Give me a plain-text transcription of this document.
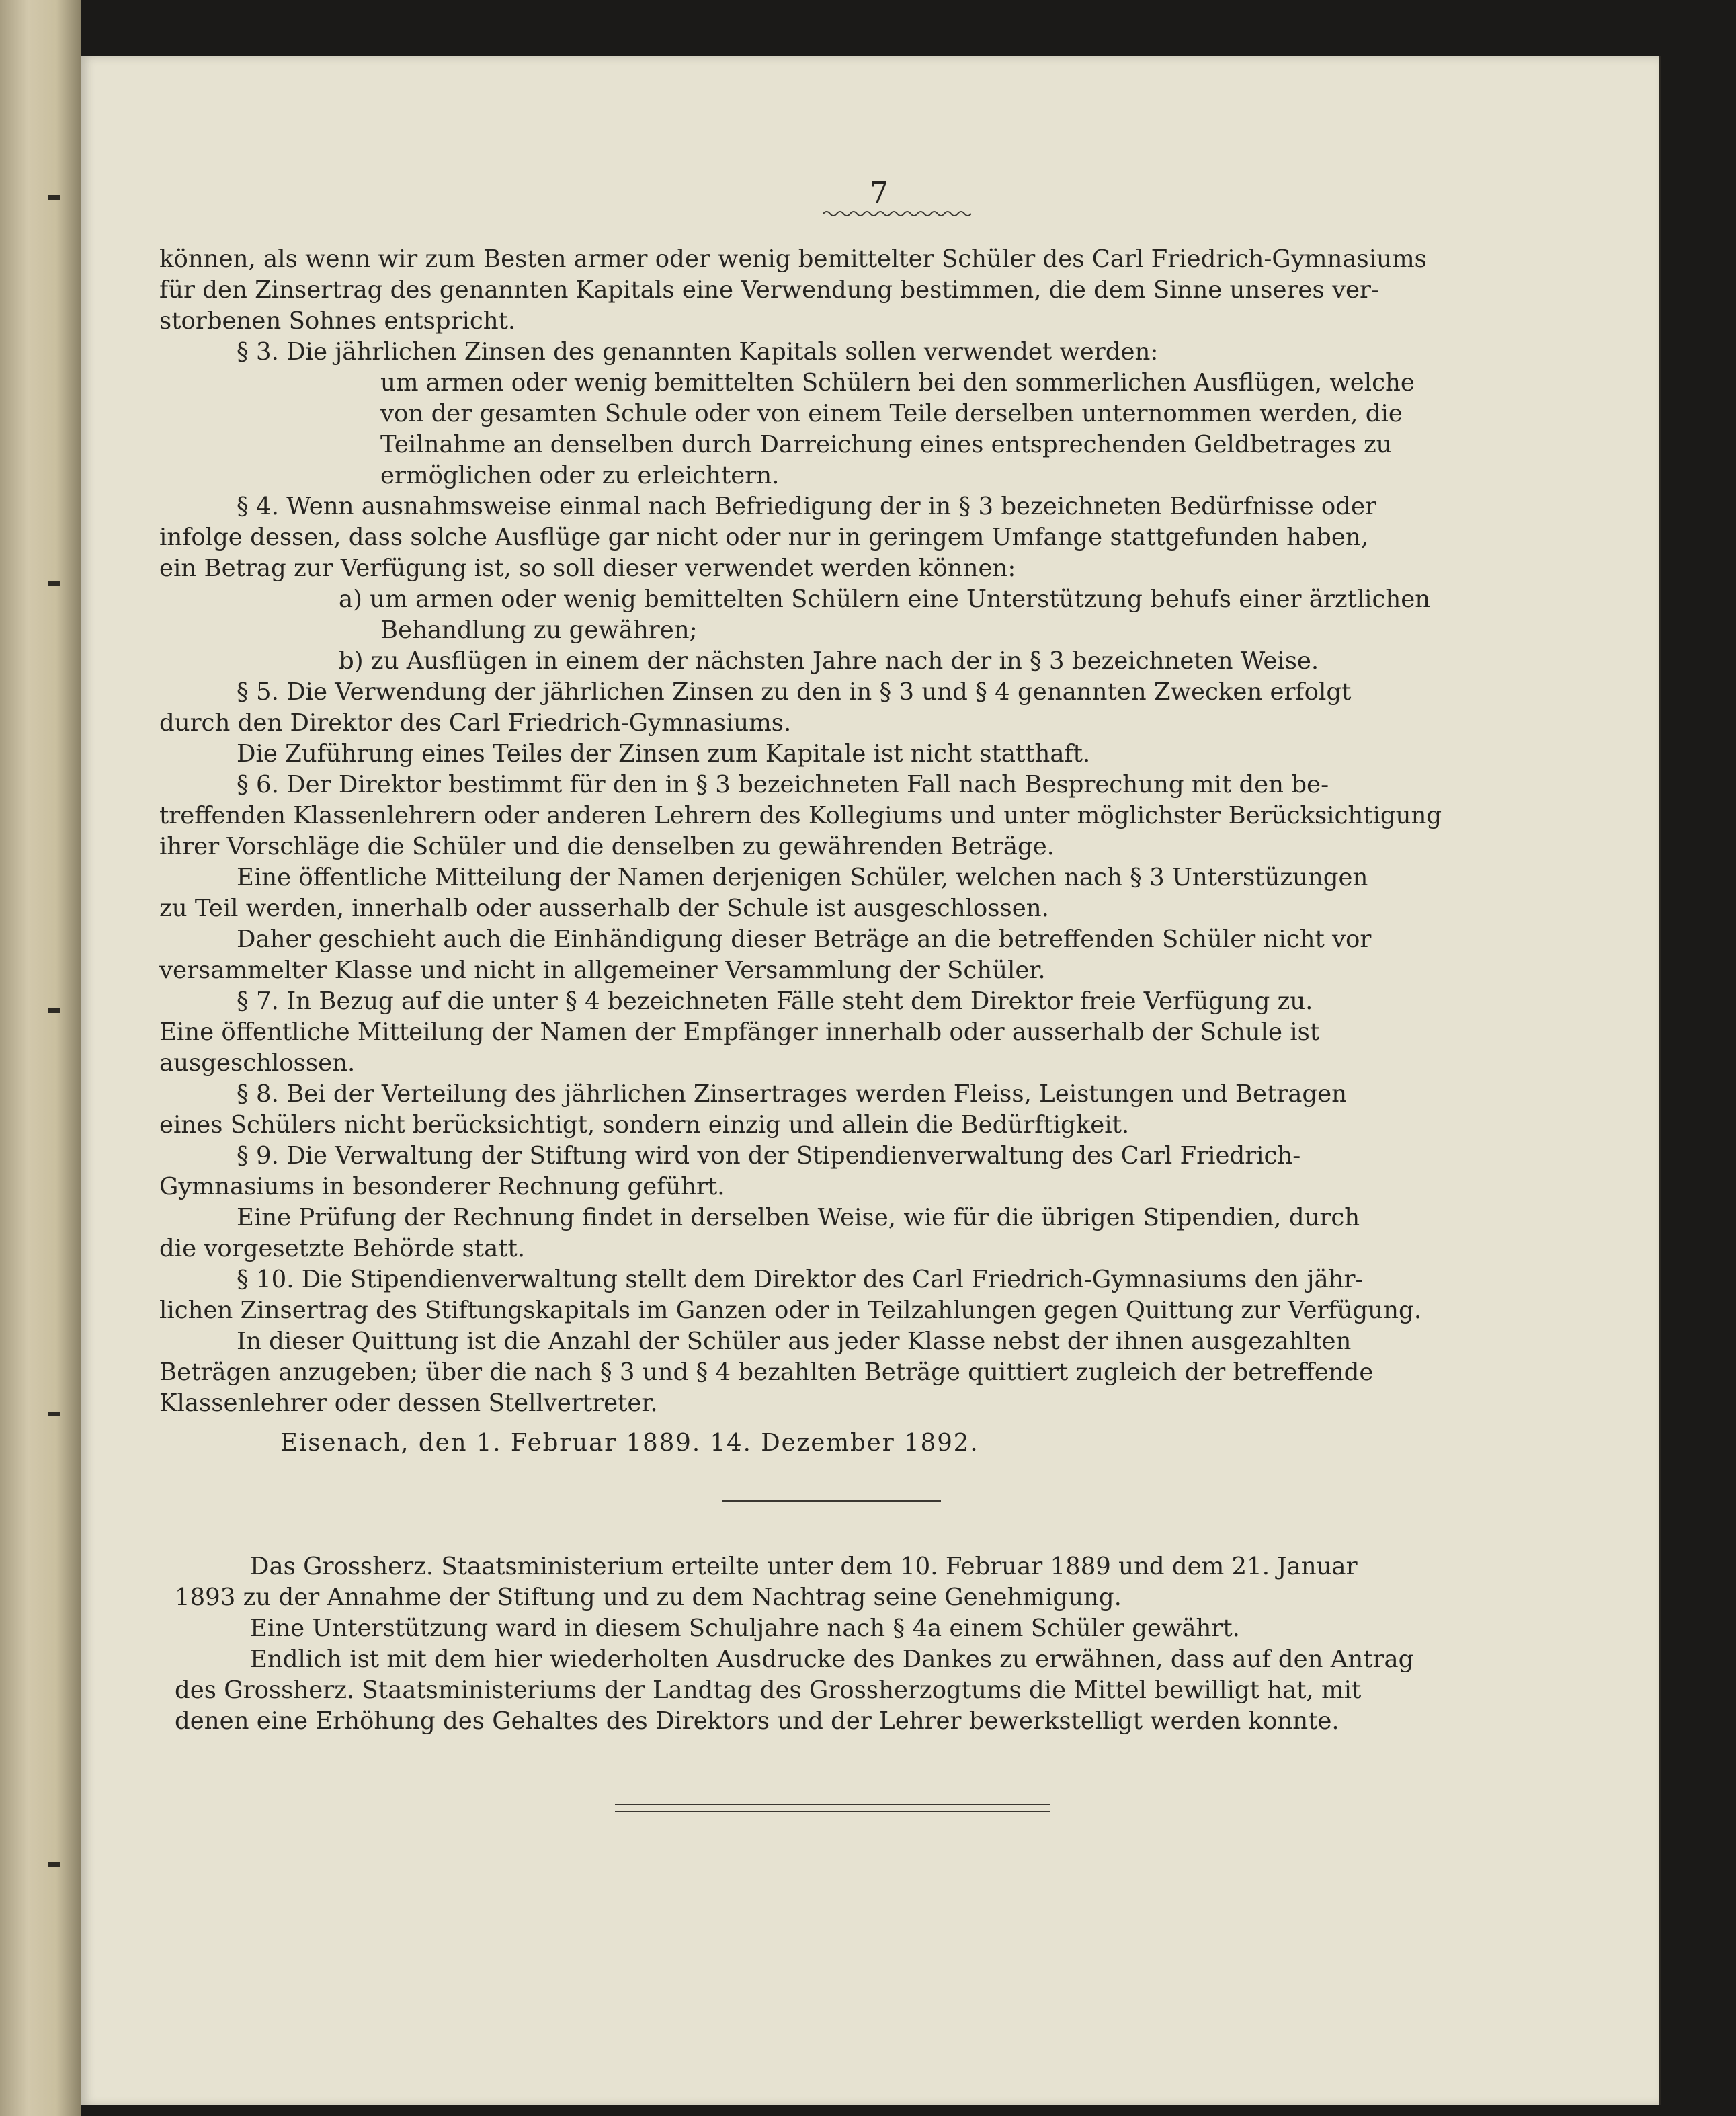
7
können, als wenn wir zum Besten armer oder wenig bemittelter Schüler des Carl Friedrich-Gymnasiums
für den Zinsertrag des genannten Kapitals eine Verwendung bestimmen, die dem Sinne unseres ver-
storbenen Sohnes entspricht.
§ 3. Die jährlichen Zinsen des genannten Kapitals sollen verwendet werden:
um armen oder wenig bemittelten Schülern bei den sommerlichen Ausflügen, welche
von der gesamten Schule oder von einem Teile derselben unternommen werden, die
Teilnahme an denselben durch Darreichung eines entsprechenden Geldbetrages zu
ermöglichen oder zu erleichtern.
§ 4. Wenn ausnahmsweise einmal nach Befriedigung der in § 3 bezeichneten Bedürfnisse oder
infolge dessen, dass solche Ausflüge gar nicht oder nur in geringem Umfange stattgefunden haben,
ein Betrag zur Verfügung ist, so soll dieser verwendet werden können:
a) um armen oder wenig bemittelten Schülern eine Unterstützung behufs einer ärztlichen
Behandlung zu gewähren;
b) zu Ausflügen in einem der nächsten Jahre nach der in § 3 bezeichneten Weise.
§ 5. Die Verwendung der jährlichen Zinsen zu den in § 3 und § 4 genannten Zwecken erfolgt
durch den Direktor des Carl Friedrich-Gymnasiums.
Die Zuführung eines Teiles der Zinsen zum Kapitale ist nicht statthaft.
§ 6. Der Direktor bestimmt für den in § 3 bezeichneten Fall nach Besprechung mit den be-
treffenden Klassenlehrern oder anderen Lehrern des Kollegiums und unter möglichster Berücksichtigung
ihrer Vorschläge die Schüler und die denselben zu gewährenden Beträge.
Eine öffentliche Mitteilung der Namen derjenigen Schüler, welchen nach § 3 Unterstüzungen
zu Teil werden, innerhalb oder ausserhalb der Schule ist ausgeschlossen.
Daher geschieht auch die Einhändigung dieser Beträge an die betreffenden Schüler nicht vor
versammelter Klasse und nicht in allgemeiner Versammlung der Schüler.
§ 7. In Bezug auf die unter § 4 bezeichneten Fälle steht dem Direktor freie Verfügung zu.
Eine öffentliche Mitteilung der Namen der Empfänger innerhalb oder ausserhalb der Schule ist
ausgeschlossen.
§ 8. Bei der Verteilung des jährlichen Zinsertrages werden Fleiss, Leistungen und Betragen
eines Schülers nicht berücksichtigt, sondern einzig und allein die Bedürftigkeit.
§ 9. Die Verwaltung der Stiftung wird von der Stipendienverwaltung des Carl Friedrich-
Gymnasiums in besonderer Rechnung geführt.
Eine Prüfung der Rechnung findet in derselben Weise, wie für die übrigen Stipendien, durch
die vorgesetzte Behörde statt.
§ 10. Die Stipendienverwaltung stellt dem Direktor des Carl Friedrich-Gymnasiums den jähr-
lichen Zinsertrag des Stiftungskapitals im Ganzen oder in Teilzahlungen gegen Quittung zur Verfügung.
In dieser Quittung ist die Anzahl der Schüler aus jeder Klasse nebst der ihnen ausgezahlten
Beträgen anzugeben; über die nach § 3 und § 4 bezahlten Beträge quittiert zugleich der betreffende
Klassenlehrer oder dessen Stellvertreter.
Eisenach, den 1. Februar 1889. 14. Dezember 1892.
Das Grossherz. Staatsministerium erteilte unter dem 10. Februar 1889 und dem 21. Januar
1893 zu der Annahme der Stiftung und zu dem Nachtrag seine Genehmigung.
Eine Unterstützung ward in diesem Schuljahre nach § 4a einem Schüler gewährt.
Endlich ist mit dem hier wiederholten Ausdrucke des Dankes zu erwähnen, dass auf den Antrag
des Grossherz. Staatsministeriums der Landtag des Grossherzogtums die Mittel bewilligt hat, mit
denen eine Erhöhung des Gehaltes des Direktors und der Lehrer bewerkstelligt werden konnte.
